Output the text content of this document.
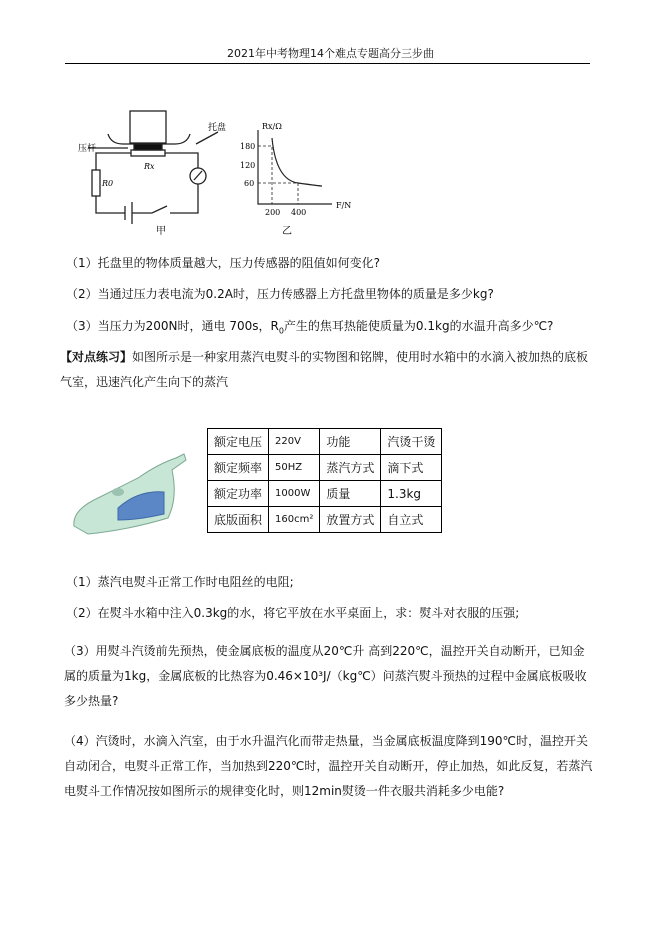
2021年中考物理14个难点专题高分三步曲
托盘
压杆
Rx
R0
甲	乙
Rx/Ω
F/N
180
120
60
200 400
（1）托盘里的物体质量越大，压力传感器的阻值如何变化?
（2）当通过压力表电流为0.2A时，压力传感器上方托盘里物体的质量是多少kg?
（3）当压力为200N时，通电 700s，$R_0$产生的焦耳热能使质量为0.1kg的水温升高多少℃?
【对点练习】如图所示是一种家用蒸汽电熨斗的实物图和铭牌，使用时水箱中的水滴入被加热的底板气室，迅速汽化产生向下的蒸汽
额定电压	220V	功能	汽烫干烫
额定频率	50HZ	蒸汽方式	滴下式
额定功率	1000W	质量	1.3kg
底版面积	160cm²	放置方式	自立式
（1）蒸汽电熨斗正常工作时电阻丝的电阻;
（2）在熨斗水箱中注入0.3kg的水，将它平放在水平桌面上，求：熨斗对衣服的压强;
（3）用熨斗汽烫前先预热，使金属底板的温度从20℃升 高到220℃，温控开关自动断开，已知金属的质量为1kg，金属底板的比热容为0.46×10³J/（kg℃）问蒸汽熨斗预热的过程中金属底板吸收多少热量?
（4）汽烫时，水滴入汽室，由于水升温汽化而带走热量，当金属底板温度降到190℃时，温控开关自动闭合，电熨斗正常工作，当加热到220℃时，温控开关自动断开，停止加热，如此反复，若蒸汽电熨斗工作情况按如图所示的规律变化时，则12min熨烫一件衣服共消耗多少电能?
